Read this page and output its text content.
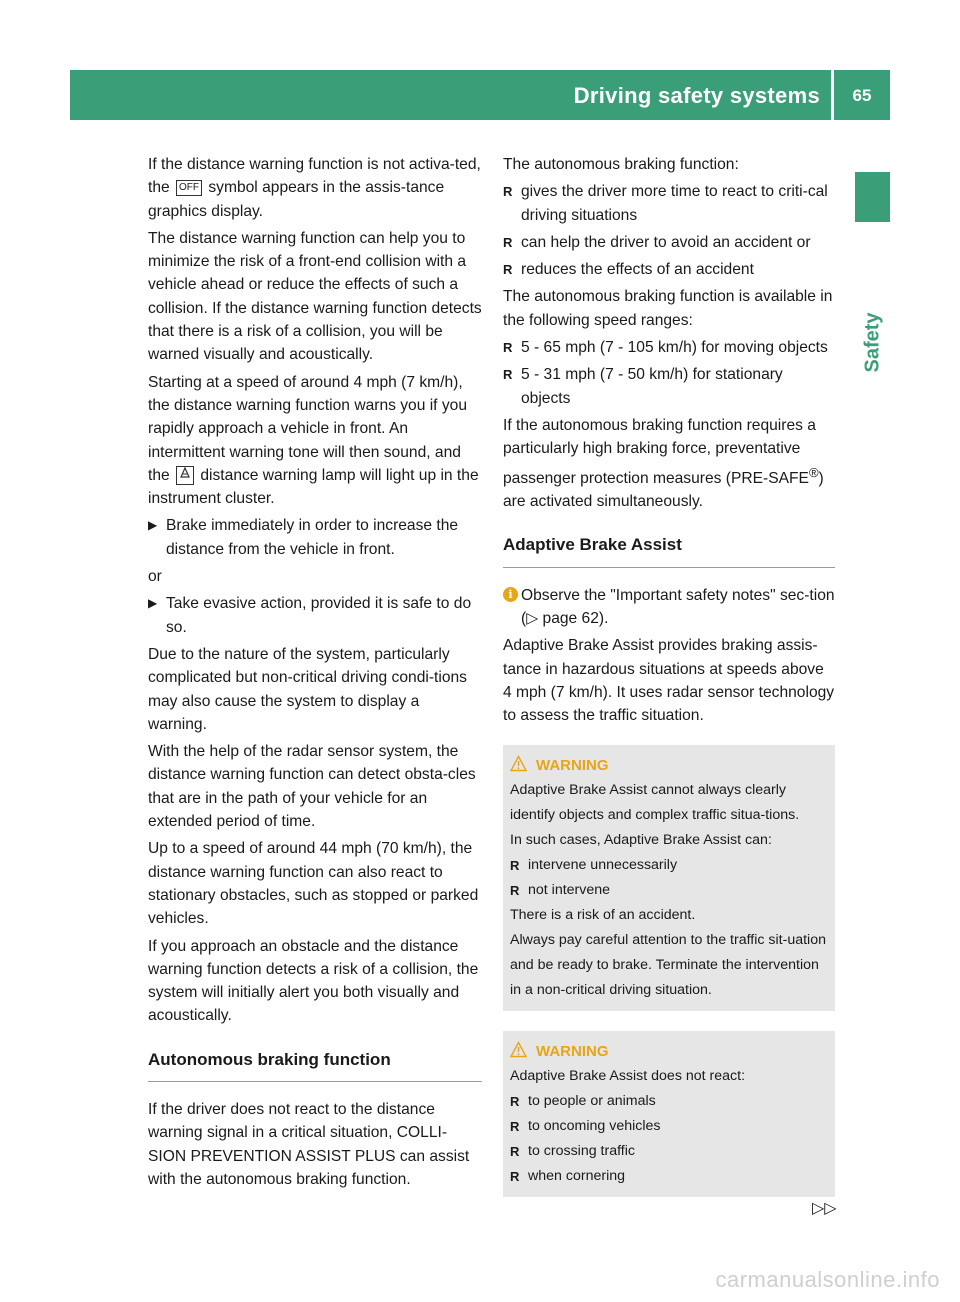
Driving safety systems	65
Safety

If the distance warning function is not activa-ted, the OFF symbol appears in the assis-tance graphics display.

The distance warning function can help you to minimize the risk of a front-end collision with a vehicle ahead or reduce the effects of such a collision. If the distance warning function detects that there is a risk of a collision, you will be warned visually and acoustically.

Starting at a speed of around 4 mph (7 km/h), the distance warning function warns you if you rapidly approach a vehicle in front. An intermittent warning tone will then sound, and the distance warning lamp will light up in the instrument cluster.

▶ Brake immediately in order to increase the distance from the vehicle in front.

or

▶ Take evasive action, provided it is safe to do so.

Due to the nature of the system, particularly complicated but non-critical driving condi-tions may also cause the system to display a warning.

With the help of the radar sensor system, the distance warning function can detect obsta-cles that are in the path of your vehicle for an extended period of time.

Up to a speed of around 44 mph (70 km/h), the distance warning function can also react to stationary obstacles, such as stopped or parked vehicles.

If you approach an obstacle and the distance warning function detects a risk of a collision, the system will initially alert you both visually and acoustically.

Autonomous braking function

If the driver does not react to the distance warning signal in a critical situation, COLLI-SION PREVENTION ASSIST PLUS can assist with the autonomous braking function.

The autonomous braking function:

R gives the driver more time to react to criti-cal driving situations
R can help the driver to avoid an accident or
R reduces the effects of an accident

The autonomous braking function is available in the following speed ranges:

R 5 - 65 mph (7 - 105 km/h) for moving objects
R 5 - 31 mph (7 - 50 km/h) for stationary objects

If the autonomous braking function requires a particularly high braking force, preventative passenger protection measures (PRE-SAFE®) are activated simultaneously.

Adaptive Brake Assist
i Observe the "Important safety notes" sec-tion (▷ page 62).

Adaptive Brake Assist provides braking assis-tance in hazardous situations at speeds above 4 mph (7 km/h). It uses radar sensor technology to assess the traffic situation.

WARNING

Adaptive Brake Assist cannot always clearly identify objects and complex traffic situa-tions.

In such cases, Adaptive Brake Assist can:

R intervene unnecessarily
R not intervene

There is a risk of an accident.

Always pay careful attention to the traffic sit-uation and be ready to brake. Terminate the intervention in a non-critical driving situation.

WARNING

Adaptive Brake Assist does not react:

R to people or animals
R to oncoming vehicles
R to crossing traffic
R when cornering
▷▷
carmanualsonline.info
